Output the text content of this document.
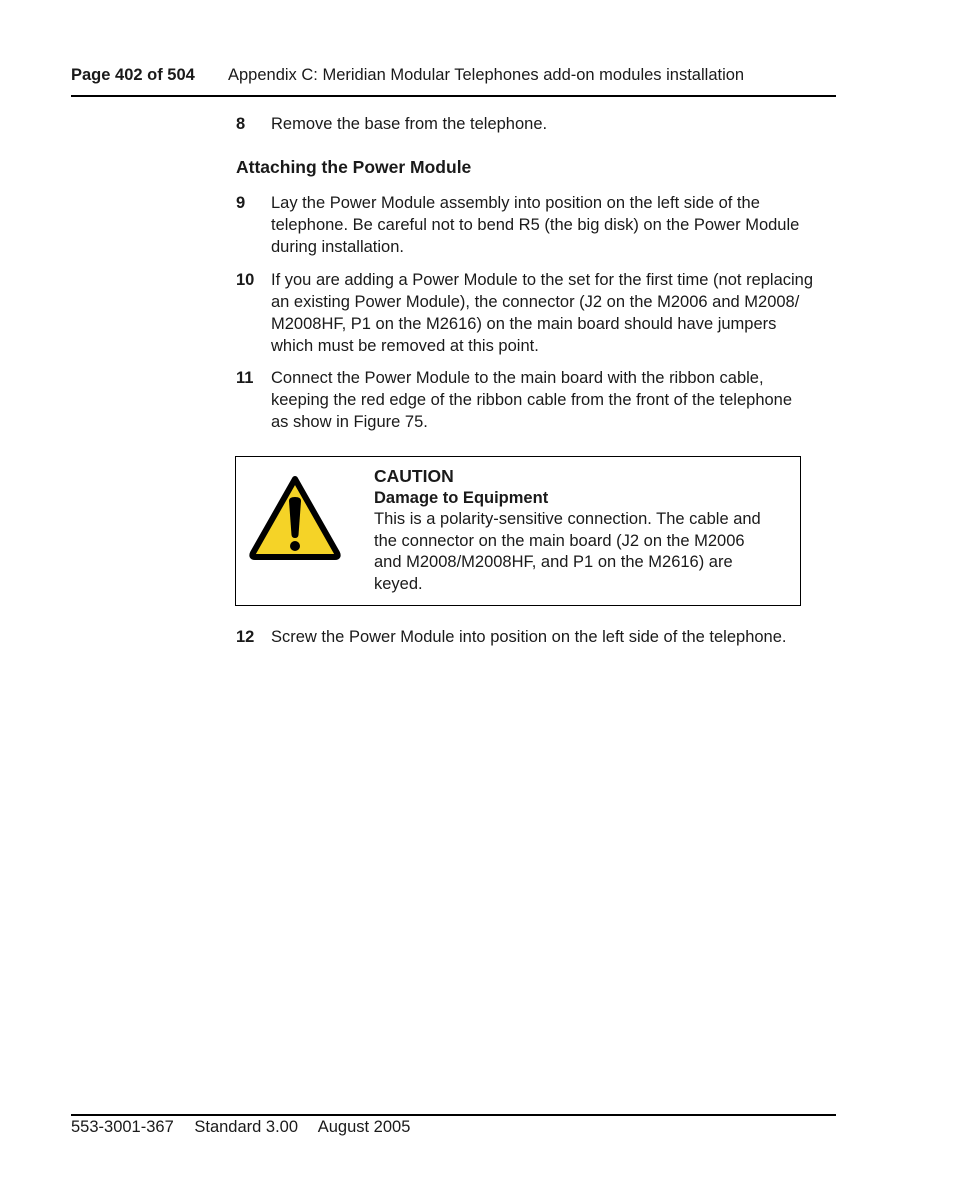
Page 402 of 504 Appendix C: Meridian Modular Telephones add-on modules installation
8 Remove the base from the telephone.
Attaching the Power Module
9 Lay the Power Module assembly into position on the left side of the
telephone. Be careful not to bend R5 (the big disk) on the Power Module
during installation.
10 If you are adding a Power Module to the set for the first time (not replacing
an existing Power Module), the connector (J2 on the M2006 and M2008/
M2008HF, P1 on the M2616) on the main board should have jumpers
which must be removed at this point.
11 Connect the Power Module to the main board with the ribbon cable,
keeping the red edge of the ribbon cable from the front of the telephone
as show in Figure 75.
CAUTION
Damage to Equipment
This is a polarity-sensitive connection. The cable and
the connector on the main board (J2 on the M2006
and M2008/M2008HF, and P1 on the M2616) are
keyed.
12 Screw the Power Module into position on the left side of the telephone.
553-3001-367 Standard 3.00 August 2005
